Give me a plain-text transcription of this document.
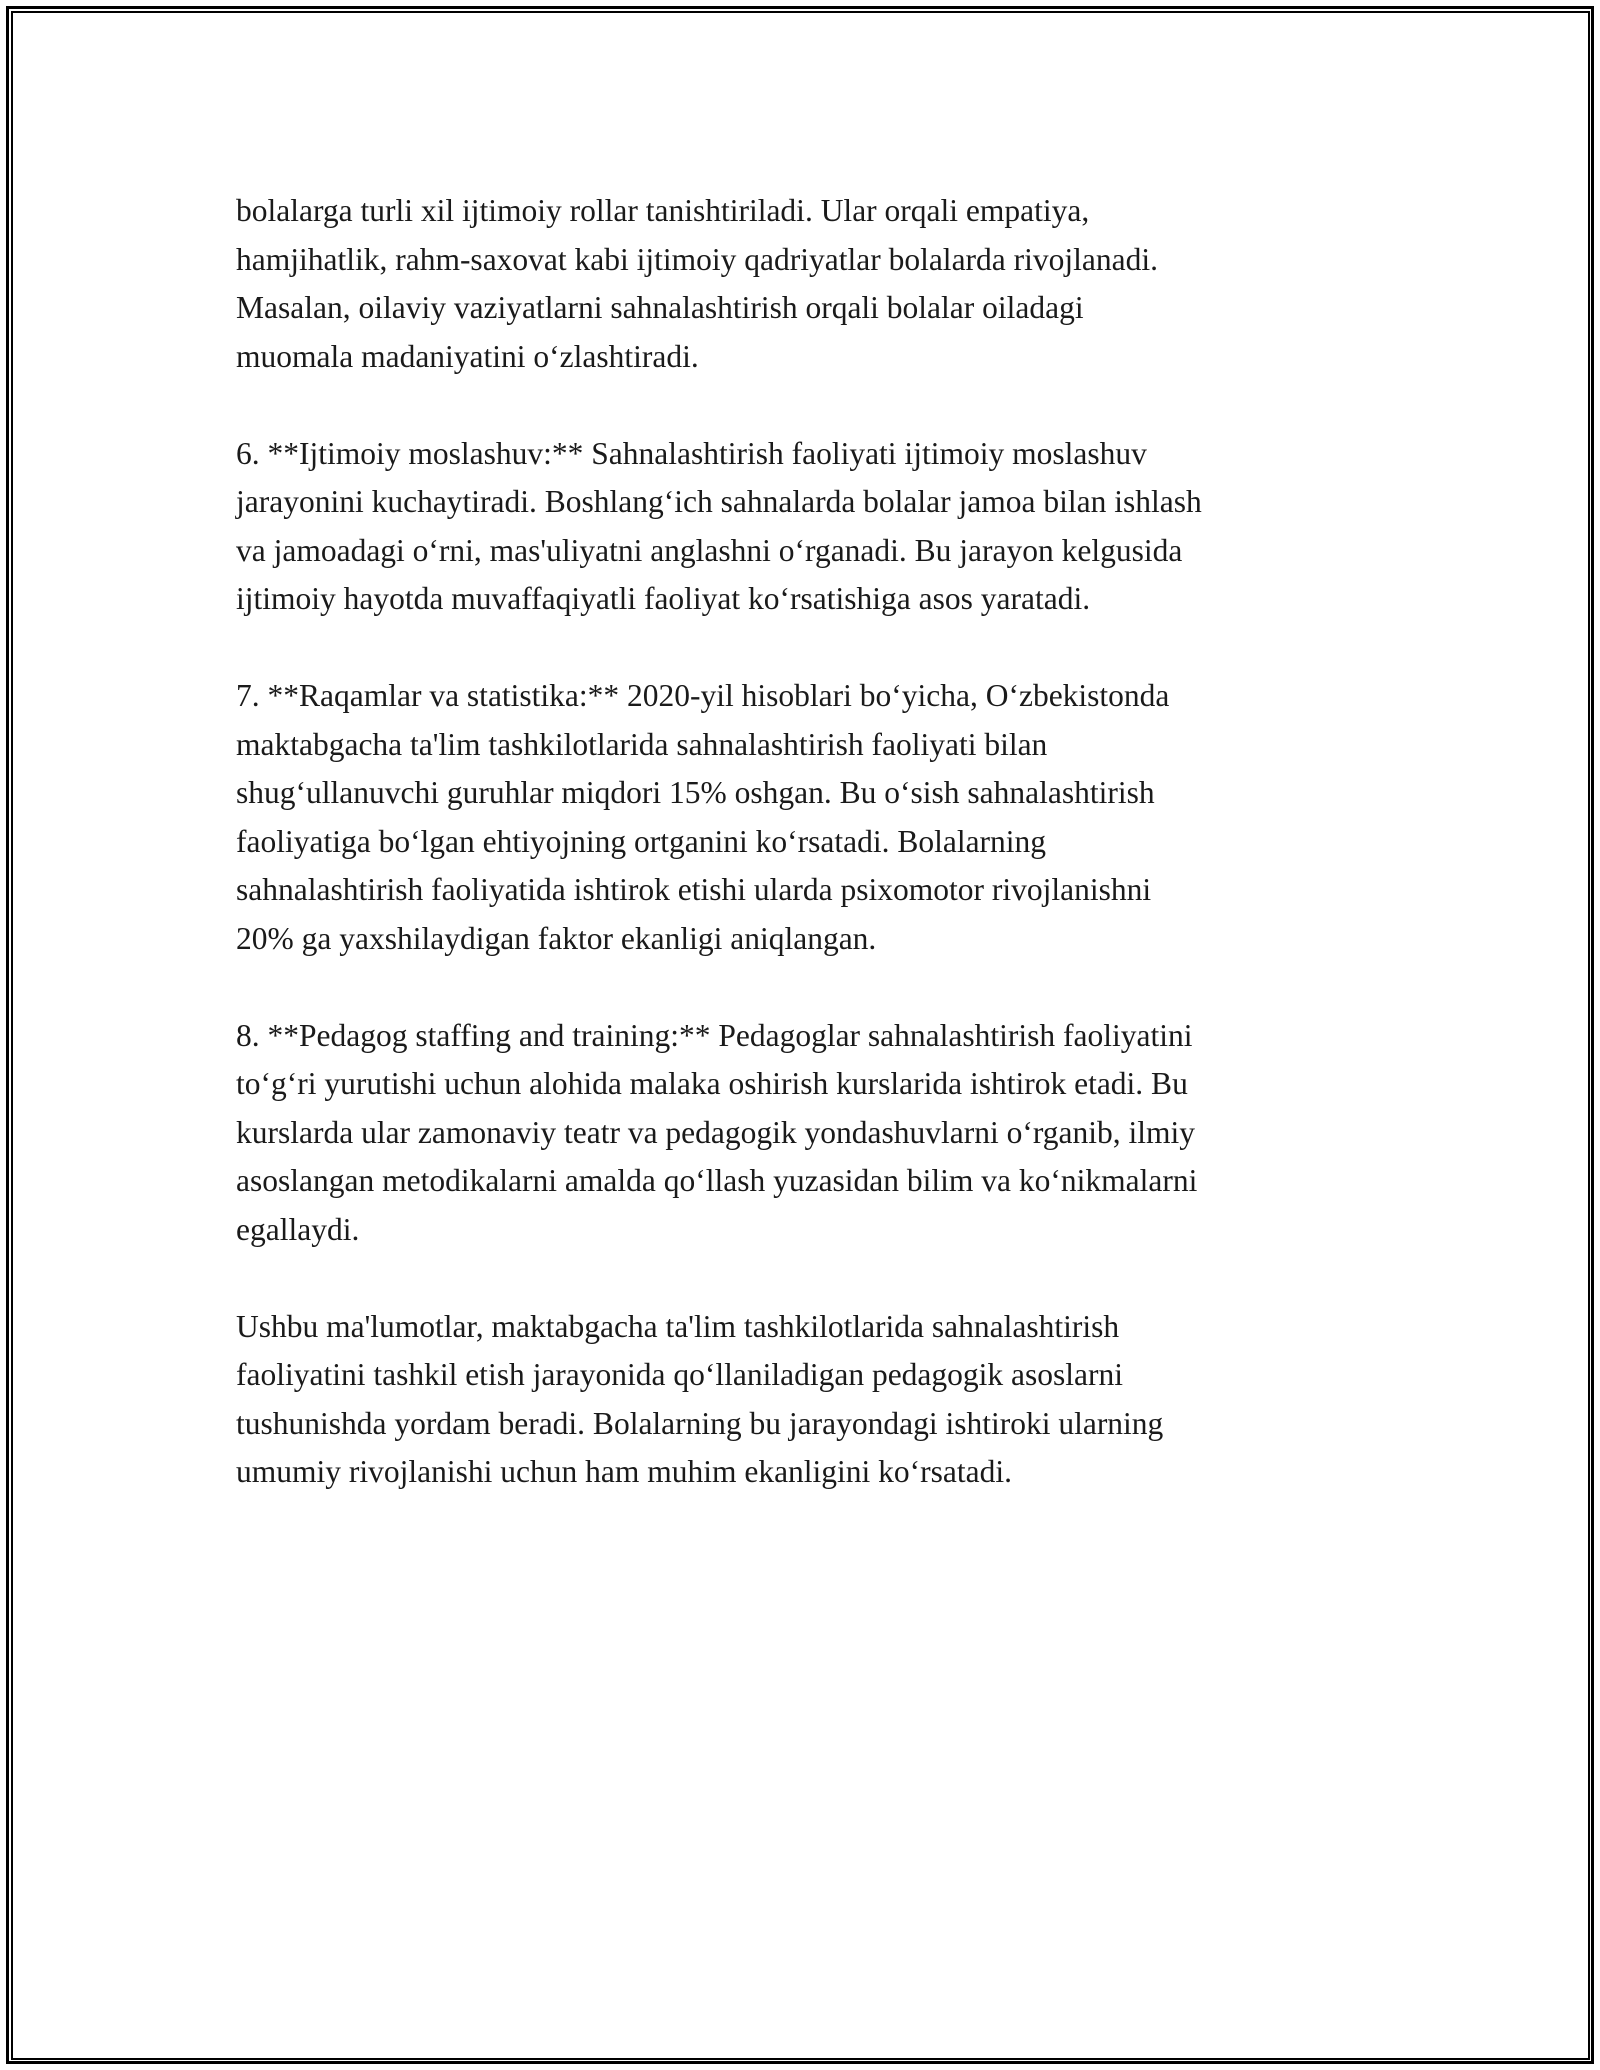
bolalarga turli xil ijtimoiy rollar tanishtiriladi. Ular orqali empatiya,
hamjihatlik, rahm-saxovat kabi ijtimoiy qadriyatlar bolalarda rivojlanadi.
Masalan, oilaviy vaziyatlarni sahnalashtirish orqali bolalar oiladagi
muomala madaniyatini o‘zlashtiradi.

6. **Ijtimoiy moslashuv:** Sahnalashtirish faoliyati ijtimoiy moslashuv
jarayonini kuchaytiradi. Boshlang‘ich sahnalarda bolalar jamoa bilan ishlash
va jamoadagi o‘rni, mas'uliyatni anglashni o‘rganadi. Bu jarayon kelgusida
ijtimoiy hayotda muvaffaqiyatli faoliyat ko‘rsatishiga asos yaratadi.

7. **Raqamlar va statistika:** 2020-yil hisoblari bo‘yicha, O‘zbekistonda
maktabgacha ta'lim tashkilotlarida sahnalashtirish faoliyati bilan
shug‘ullanuvchi guruhlar miqdori 15% oshgan. Bu o‘sish sahnalashtirish
faoliyatiga bo‘lgan ehtiyojning ortganini ko‘rsatadi. Bolalarning
sahnalashtirish faoliyatida ishtirok etishi ularda psixomotor rivojlanishni
20% ga yaxshilaydigan faktor ekanligi aniqlangan.

8. **Pedagog staffing and training:** Pedagoglar sahnalashtirish faoliyatini
to‘g‘ri yurutishi uchun alohida malaka oshirish kurslarida ishtirok etadi. Bu
kurslarda ular zamonaviy teatr va pedagogik yondashuvlarni o‘rganib, ilmiy
asoslangan metodikalarni amalda qo‘llash yuzasidan bilim va ko‘nikmalarni
egallaydi.

Ushbu ma'lumotlar, maktabgacha ta'lim tashkilotlarida sahnalashtirish
faoliyatini tashkil etish jarayonida qo‘llaniladigan pedagogik asoslarni
tushunishda yordam beradi. Bolalarning bu jarayondagi ishtiroki ularning
umumiy rivojlanishi uchun ham muhim ekanligini ko‘rsatadi.
